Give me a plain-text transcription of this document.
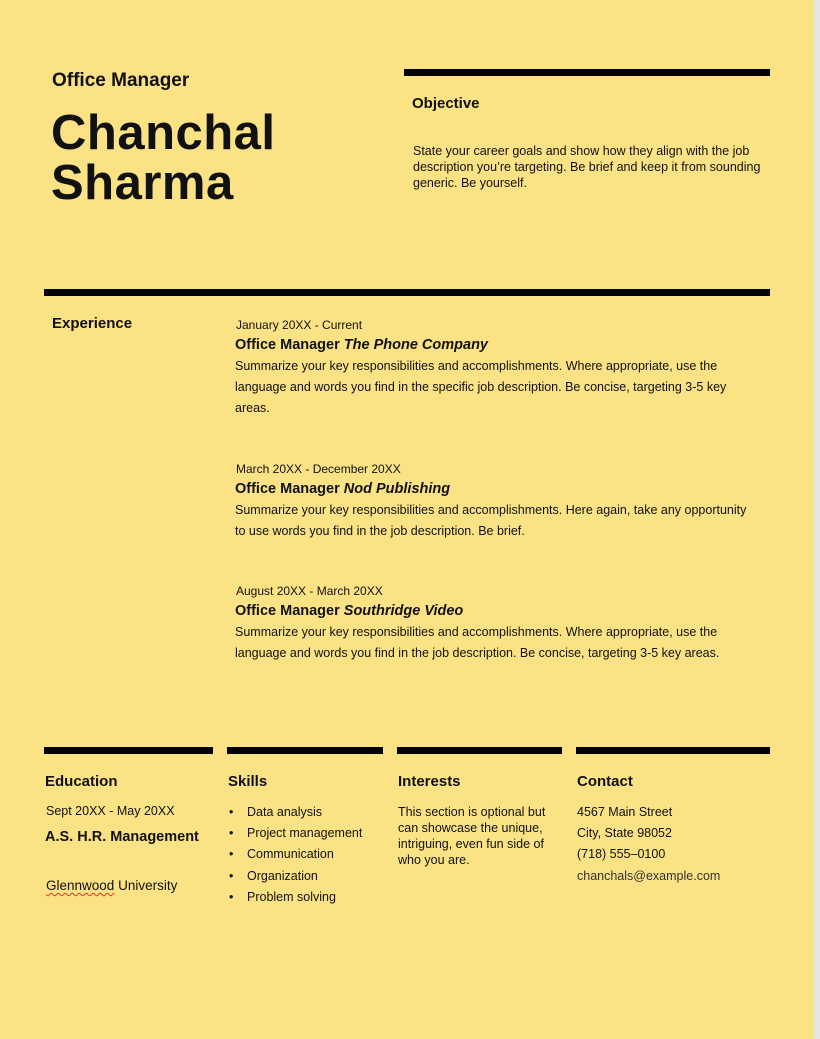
Office Manager
Chanchal
Sharma
Objective
State your career goals and show how they align with the job description you’re targeting. Be brief and keep it from sounding generic. Be yourself.
Experience	January 20XX - Current
Office Manager The Phone Company
Summarize your key responsibilities and accomplishments. Where appropriate, use the language and words you find in the specific job description. Be concise, targeting 3-5 key areas.
March 20XX - December 20XX
Office Manager Nod Publishing
Summarize your key responsibilities and accomplishments. Here again, take any opportunity to use words you find in the job description. Be brief.
August 20XX - March 20XX
Office Manager Southridge Video
Summarize your key responsibilities and accomplishments. Where appropriate, use the language and words you find in the job description. Be concise, targeting 3-5 key areas.
Education
Sept 20XX - May 20XX
A.S. H.R. Management
Glennwood University
Skills
• Data analysis
• Project management
• Communication
• Organization
• Problem solving
Interests
This section is optional but can showcase the unique, intriguing, even fun side of who you are.
Contact
4567 Main Street
City, State 98052
(718) 555–0100
chanchals@example.com
